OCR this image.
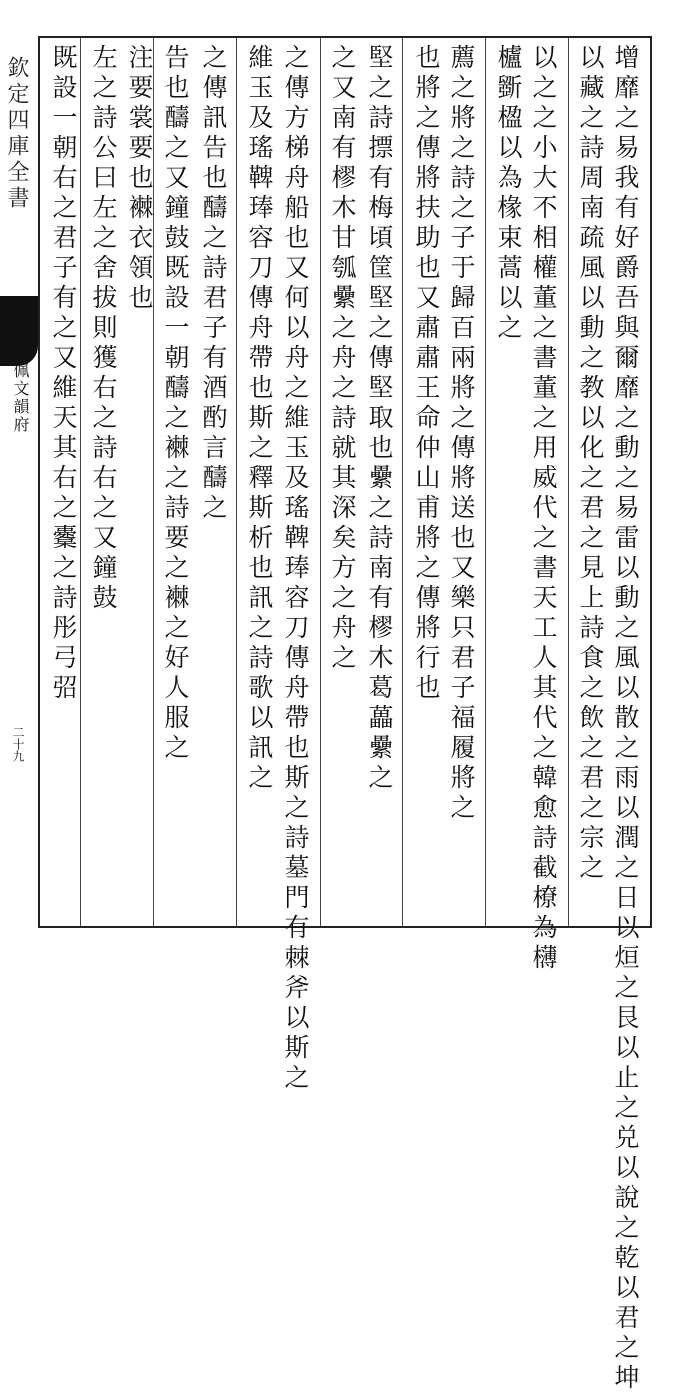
欽定四庫全書
御定佩文韻府
二十九	增靡之易我有好爵吾與爾靡之動之易雷以動之風以散之雨以潤之日以烜之艮以止之兑以說之乾以君之坤
以藏之詩周南疏風以動之教以化之君之見上詩食之飲之君之宗之
以之之小大不相權董之書董之用威代之書天工人其代之韓愈詩截橑為欂
櫨斵楹以為椽束蒿以之
薦之將之詩之子于歸百兩將之傳將送也又樂只君子福履將之
也將之傳將扶助也又肅肅王命仲山甫將之傳將行也
堅之詩摽有梅頃筐堅之傳堅取也纍之詩南有樛木葛藟纍之
之又南有樛木甘瓠纍之舟之詩就其深矣方之舟之
之傳方梯舟船也又何以舟之維玉及瑤鞞琫容刀傳舟帶也斯之詩墓門有棘斧以斯之
維玉及瑤鞞琫容刀傳舟帶也斯之釋斯析也訊之詩歌以訊之
之傳訊告也醻之詩君子有酒酌言醻之
告也醻之又鐘鼓既設一朝醻之襋之詩要之襋之好人服之
注要裳要也襋衣領也
左之詩公曰左之舍拔則獲右之詩右之又鐘鼓
既設一朝右之君子有之又維天其右之櫜之詩彤弓弨
